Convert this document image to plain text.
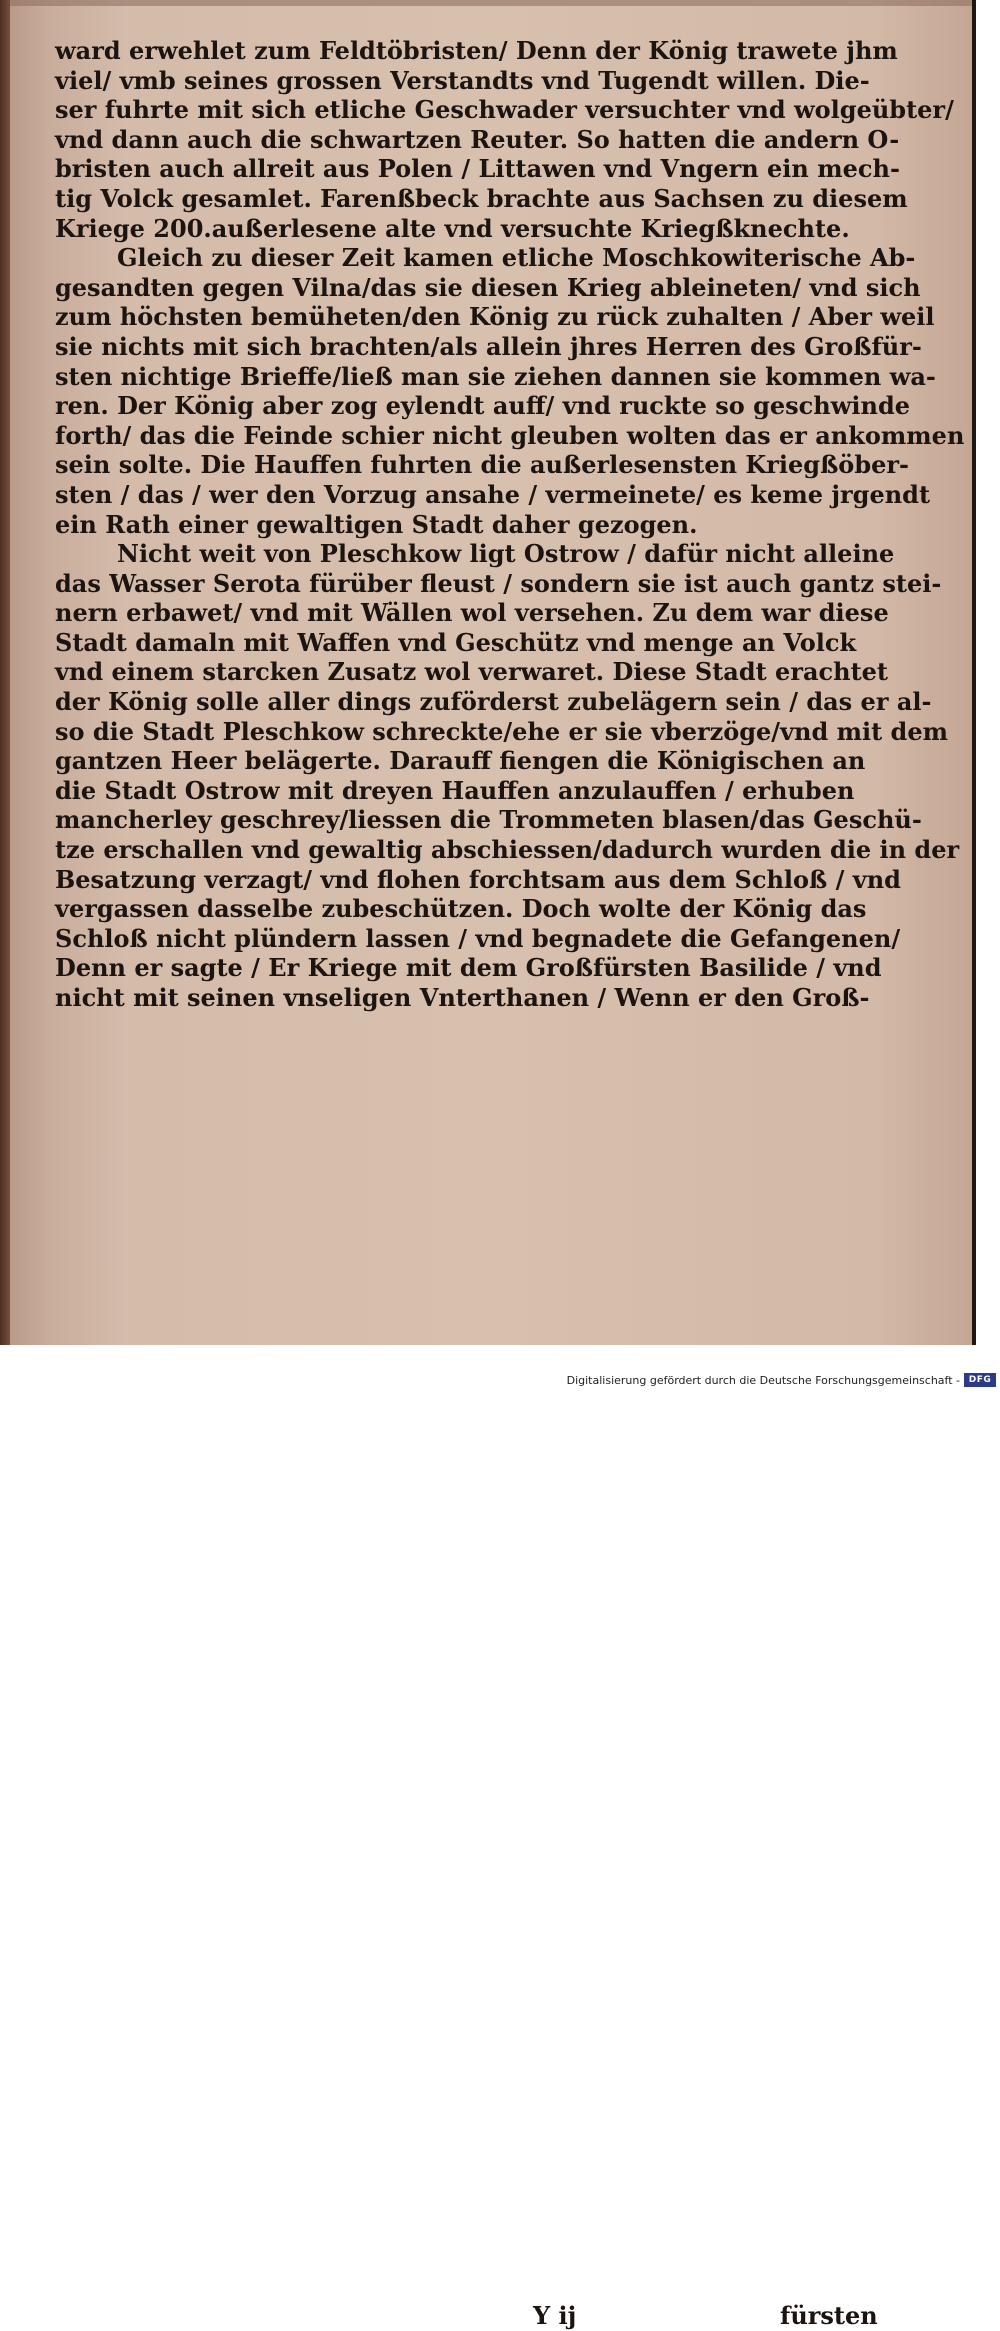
ward erwehlet zum Feldtöbristen/ Denn der König trawete jhm
viel/ vmb seines grossen Verstandts vnd Tugendt willen. Die-
ser fuhrte mit sich etliche Geschwader versuchter vnd wolgeübter/
vnd dann auch die schwartzen Reuter. So hatten die andern O-
bristen auch allreit aus Polen / Littawen vnd Vngern ein mech-
tig Volck gesamlet. Farenßbeck brachte aus Sachsen zu diesem
Kriege 200.außerlesene alte vnd versuchte Kriegßknechte.
Gleich zu dieser Zeit kamen etliche Moschkowiterische Ab-
gesandten gegen Vilna/das sie diesen Krieg ableineten/ vnd sich
zum höchsten bemüheten/den König zu rück zuhalten / Aber weil
sie nichts mit sich brachten/als allein jhres Herren des Großfür-
sten nichtige Brieffe/ließ man sie ziehen dannen sie kommen wa-
ren. Der König aber zog eylendt auff/ vnd ruckte so geschwinde
forth/ das die Feinde schier nicht gleuben wolten das er ankommen
sein solte. Die Hauffen fuhrten die außerlesensten Kriegßöber-
sten / das / wer den Vorzug ansahe / vermeinete/ es keme jrgendt
ein Rath einer gewaltigen Stadt daher gezogen.
Nicht weit von Pleschkow ligt Ostrow / dafür nicht alleine
das Wasser Serota fürüber fleust / sondern sie ist auch gantz stei-
nern erbawet/ vnd mit Wällen wol versehen. Zu dem war diese
Stadt damaln mit Waffen vnd Geschütz vnd menge an Volck
vnd einem starcken Zusatz wol verwaret. Diese Stadt erachtet
der König solle aller dings zuförderst zubelägern sein / das er al-
so die Stadt Pleschkow schreckte/ehe er sie vberzöge/vnd mit dem
gantzen Heer belägerte. Darauff fiengen die Königischen an
die Stadt Ostrow mit dreyen Hauffen anzulauffen / erhuben
mancherley geschrey/liessen die Trommeten blasen/das Geschü-
tze erschallen vnd gewaltig abschiessen/dadurch wurden die in der
Besatzung verzagt/ vnd flohen forchtsam aus dem Schloß / vnd
vergassen dasselbe zubeschützen. Doch wolte der König das
Schloß nicht plündern lassen / vnd begnadete die Gefangenen/
Denn er sagte / Er Kriege mit dem Großfürsten Basilide / vnd
nicht mit seinen vnseligen Vnterthanen / Wenn er den Groß-
Y ij	fürsten
Digitalisierung gefördert durch die Deutsche Forschungsgemeinschaft - DFG
